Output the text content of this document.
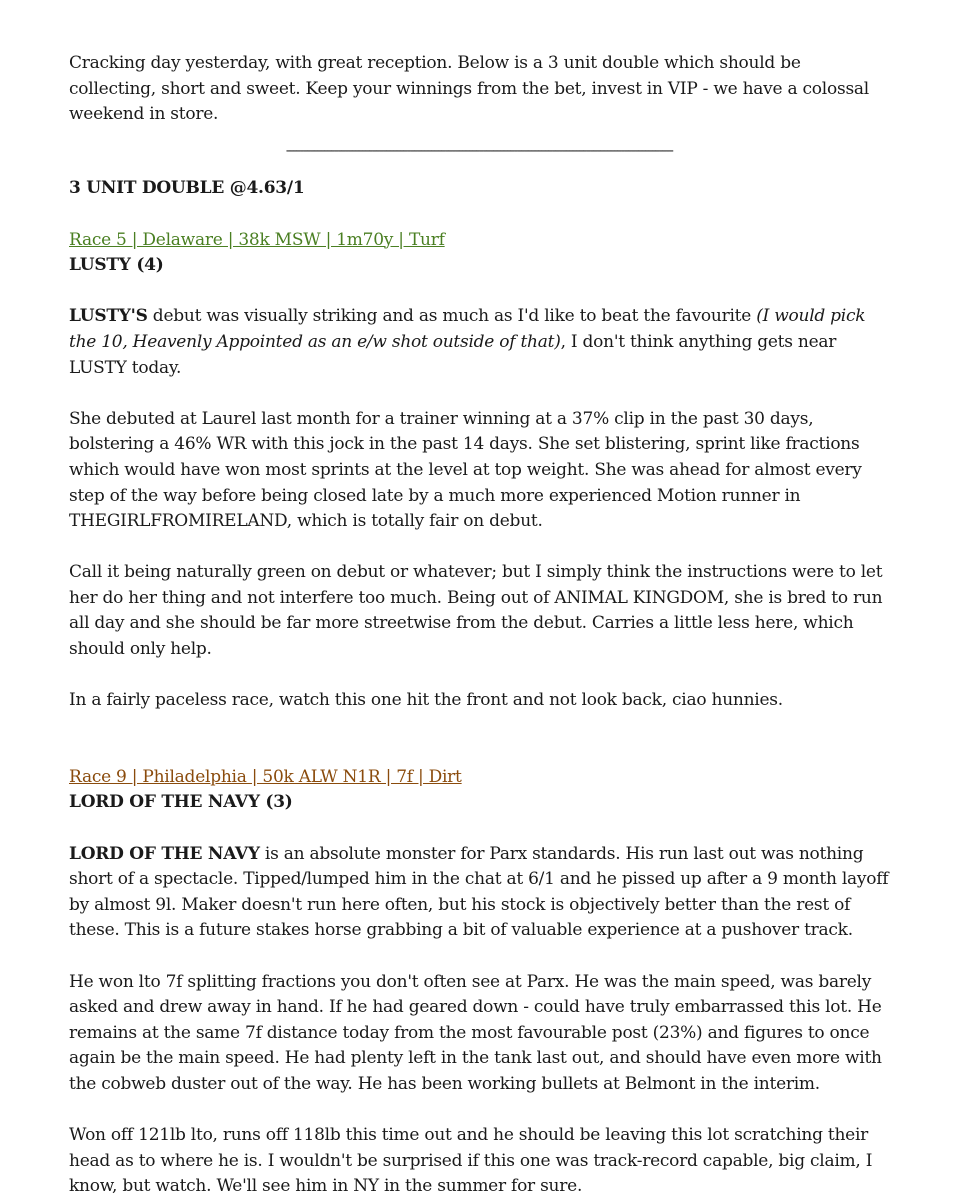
Cracking day yesterday, with great reception. Below is a 3 unit double which should be collecting, short and sweet. Keep your winnings from the bet, invest in VIP - we have a colossal weekend in store.

----------------------------------------------------------------------------------------------------------------

3 UNIT DOUBLE @4.63/1

Race 5 | Delaware | 38k MSW | 1m70y | Turf

LUSTY (4)

LUSTY'S debut was visually striking and as much as I'd like to beat the favourite (I would pick the 10, Heavenly Appointed as an e/w shot outside of that), I don't think anything gets near LUSTY today.

She debuted at Laurel last month for a trainer winning at a 37% clip in the past 30 days, bolstering a 46% WR with this jock in the past 14 days. She set blistering, sprint like fractions which would have won most sprints at the level at top weight. She was ahead for almost every step of the way before being closed late by a much more experienced Motion runner in THEGIRLFROMIRELAND, which is totally fair on debut.

Call it being naturally green on debut or whatever; but I simply think the instructions were to let her do her thing and not interfere too much. Being out of ANIMAL KINGDOM, she is bred to run all day and she should be far more streetwise from the debut. Carries a little less here, which should only help.

In a fairly paceless race, watch this one hit the front and not look back, ciao hunnies.

Race 9 | Philadelphia | 50k ALW N1R | 7f | Dirt

LORD OF THE NAVY (3)

LORD OF THE NAVY is an absolute monster for Parx standards. His run last out was nothing short of a spectacle. Tipped/lumped him in the chat at 6/1 and he pissed up after a 9 month layoff by almost 9l. Maker doesn't run here often, but his stock is objectively better than the rest of these. This is a future stakes horse grabbing a bit of valuable experience at a pushover track.

He won lto 7f splitting fractions you don't often see at Parx. He was the main speed, was barely asked and drew away in hand. If he had geared down - could have truly embarrassed this lot. He remains at the same 7f distance today from the most favourable post (23%) and figures to once again be the main speed. He had plenty left in the tank last out, and should have even more with the cobweb duster out of the way. He has been working bullets at Belmont in the interim.

Won off 121lb lto, runs off 118lb this time out and he should be leaving this lot scratching their head as to where he is. I wouldn't be surprised if this one was track-record capable, big claim, I know, but watch. We'll see him in NY in the summer for sure.
